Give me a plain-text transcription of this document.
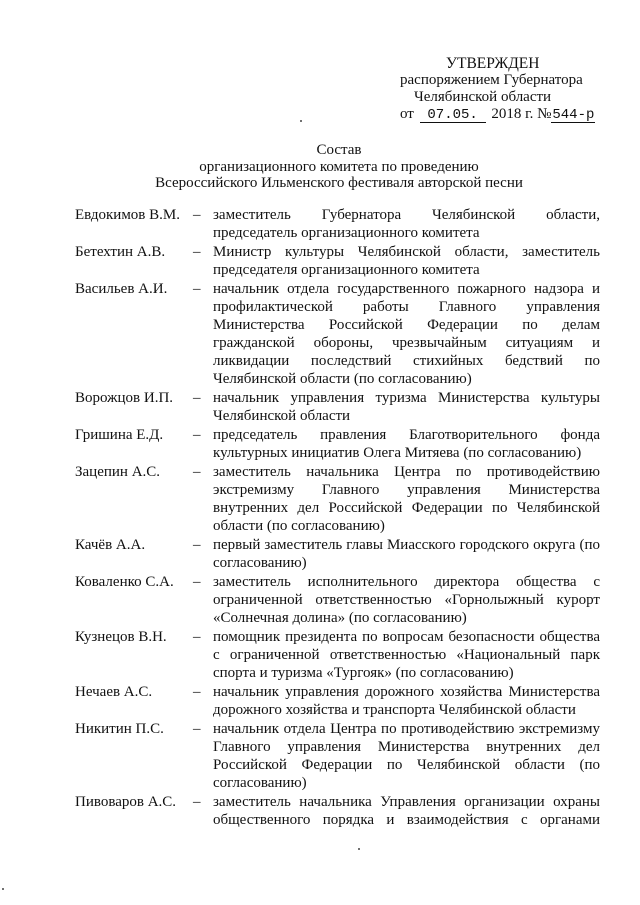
УТВЕРЖДЕН
распоряжением Губернатора
Челябинской области
от 07.05. 2018 г. №544-р
Состав
организационного комитета по проведению
Всероссийского Ильменского фестиваля авторской песни
Евдокимов В.М. – заместитель Губернатора Челябинской области, председатель организационного комитета
Бетехтин А.В.	– Министр культуры Челябинской области, заместитель председателя организационного комитета
Васильев А.И.	– начальник отдела государственного пожарного надзора и профилактической работы Главного управления Министерства Российской Федерации по делам гражданской обороны, чрезвычайным ситуациям и ликвидации последствий стихийных бедствий по Челябинской области (по согласованию)
Ворожцов И.П.	– начальник управления туризма Министерства культуры Челябинской области
Гришина Е.Д.	– председатель правления Благотворительного фонда культурных инициатив Олега Митяева (по согласованию)
Зацепин А.С.	– заместитель начальника Центра по противодействию экстремизму Главного управления Министерства внутренних дел Российской Федерации по Челябинской области (по согласованию)
Качёв А.А.	– первый заместитель главы Миасского городского округа (по согласованию)
Коваленко С.А.	– заместитель исполнительного директора общества с ограниченной ответственностью «Горнолыжный курорт «Солнечная долина» (по согласованию)
Кузнецов В.Н.	– помощник президента по вопросам безопасности общества с ограниченной ответственностью «Национальный парк спорта и туризма «Тургояк» (по согласованию)
Нечаев А.С.	– начальник управления дорожного хозяйства Министерства дорожного хозяйства и транспорта Челябинской области
Никитин П.С.	– начальник отдела Центра по противодействию экстремизму Главного управления Министерства внутренних дел Российской Федерации по Челябинской области (по согласованию)
Пивоваров А.С.	– заместитель начальника Управления организации охраны общественного порядка и взаимодействия с органами
